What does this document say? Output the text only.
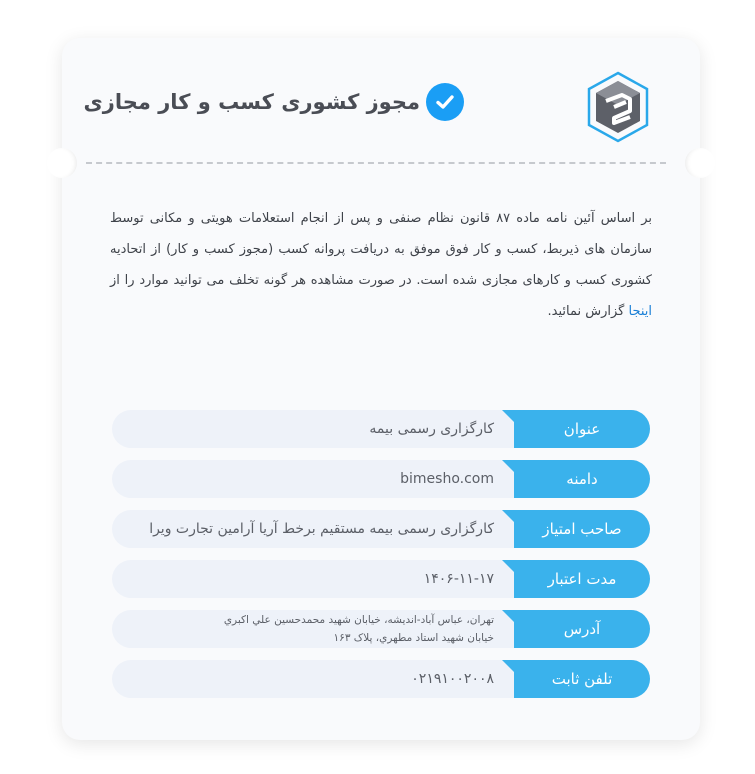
مجوز کشوری کسب و کار مجازی
بر اساس آئین نامه ماده ۸۷ قانون نظام صنفی و پس از انجام استعلامات هویتی و مکانی توسط سازمان های ذیربط، کسب و کار فوق موفق به دریافت پروانه کسب (مجوز کسب و کار) از اتحادیه کشوری کسب و کارهای مجازی شده است. در صورت مشاهده هر گونه تخلف می توانید موارد را از اینجا گزارش نمائید.
عنوان
کارگزاری رسمی بیمه
دامنه
bimesho.com
صاحب امتیاز
کارگزاری رسمی بیمه مستقیم برخط آریا آرامین تجارت ویرا
مدت اعتبار
۱۴۰۶-۱۱-۱۷
آدرس
تهران، عباس آباد-اندیشه، خیابان شهید محمدحسین علي اکبري
خیابان شهید استاد مطهري، پلاک ۱۶۳
تلفن ثابت
۰۲۱۹۱۰۰۲۰۰۸
